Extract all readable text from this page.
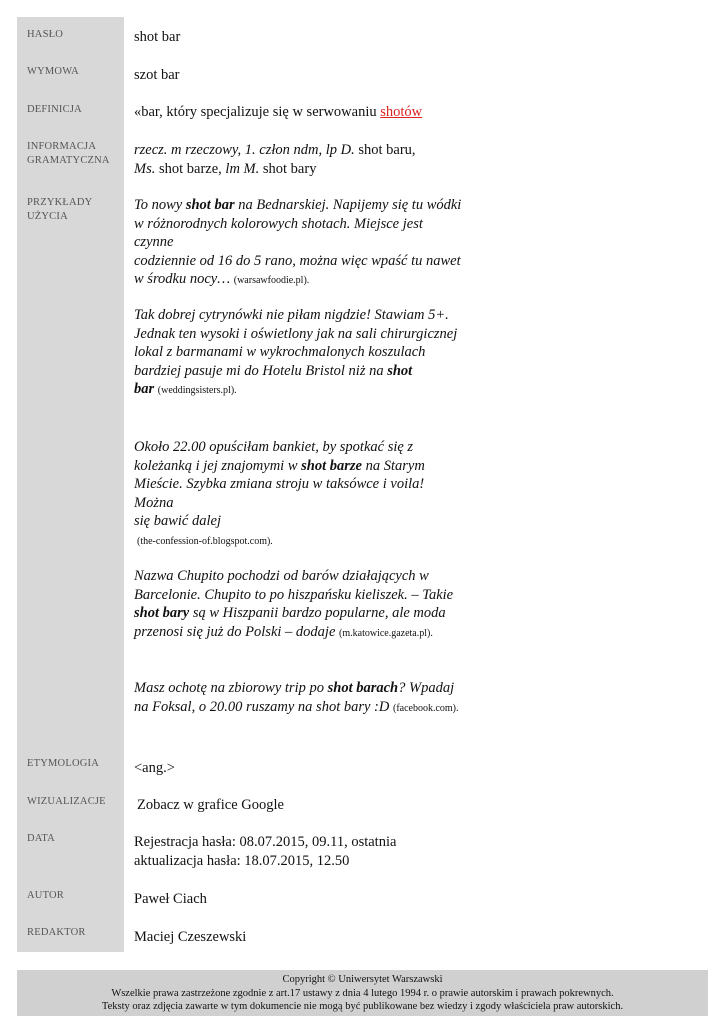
HASŁO
WYMOWA
DEFINICJA
INFORMACJA
GRAMATYCZNA
PRZYKŁADY
UŻYCIA
ETYMOLOGIA
WIZUALIZACJE
DATA
AUTOR
REDAKTOR
shot bar
szot bar
«bar, który specjalizuje się w serwowaniu shotów
rzecz. m rzeczowy, 1. człon ndm, lp D. shot baru,
Ms. shot barze, lm M. shot bary
To nowy shot bar na Bednarskiej. Napijemy się tu wódki
w różnorodnych kolorowych shotach. Miejsce jest czynne
codziennie od 16 do 5 rano, można więc wpaść tu nawet
w środku nocy… (warsawfoodie.pl).
Tak dobrej cytrynówki nie piłam nigdzie! Stawiam 5+.
Jednak ten wysoki i oświetlony jak na sali chirurgicznej
lokal z barmanami w wykrochmalonych koszulach
bardziej pasuje mi do Hotelu Bristol niż na shot
bar (weddingsisters.pl).
Około 22.00 opuściłam bankiet, by spotkać się z
koleżanką i jej znajomymi w shot barze na Starym
Mieście. Szybka zmiana stroju w taksówce i voila! Można
się bawić dalej
(the-confession-of.blogspot.com).
Nazwa Chupito pochodzi od barów działających w
Barcelonie. Chupito to po hiszpańsku kieliszek. – Takie
shot bary są w Hiszpanii bardzo popularne, ale moda
przenosi się już do Polski – dodaje (m.katowice.gazeta.pl).
Masz ochotę na zbiorowy trip po shot barach? Wpadaj
na Foksal, o 20.00 ruszamy na shot bary :D (facebook.com).
<ang.>
Zobacz w grafice Google
Rejestracja hasła: 08.07.2015, 09.11, ostatnia
aktualizacja hasła: 18.07.2015, 12.50
Paweł Ciach
Maciej Czeszewski
Copyright © Uniwersytet Warszawski
Wszelkie prawa zastrzeżone zgodnie z art.17 ustawy z dnia 4 lutego 1994 r. o prawie autorskim i prawach pokrewnych.
Teksty oraz zdjęcia zawarte w tym dokumencie nie mogą być publikowane bez wiedzy i zgody właściciela praw autorskich.
